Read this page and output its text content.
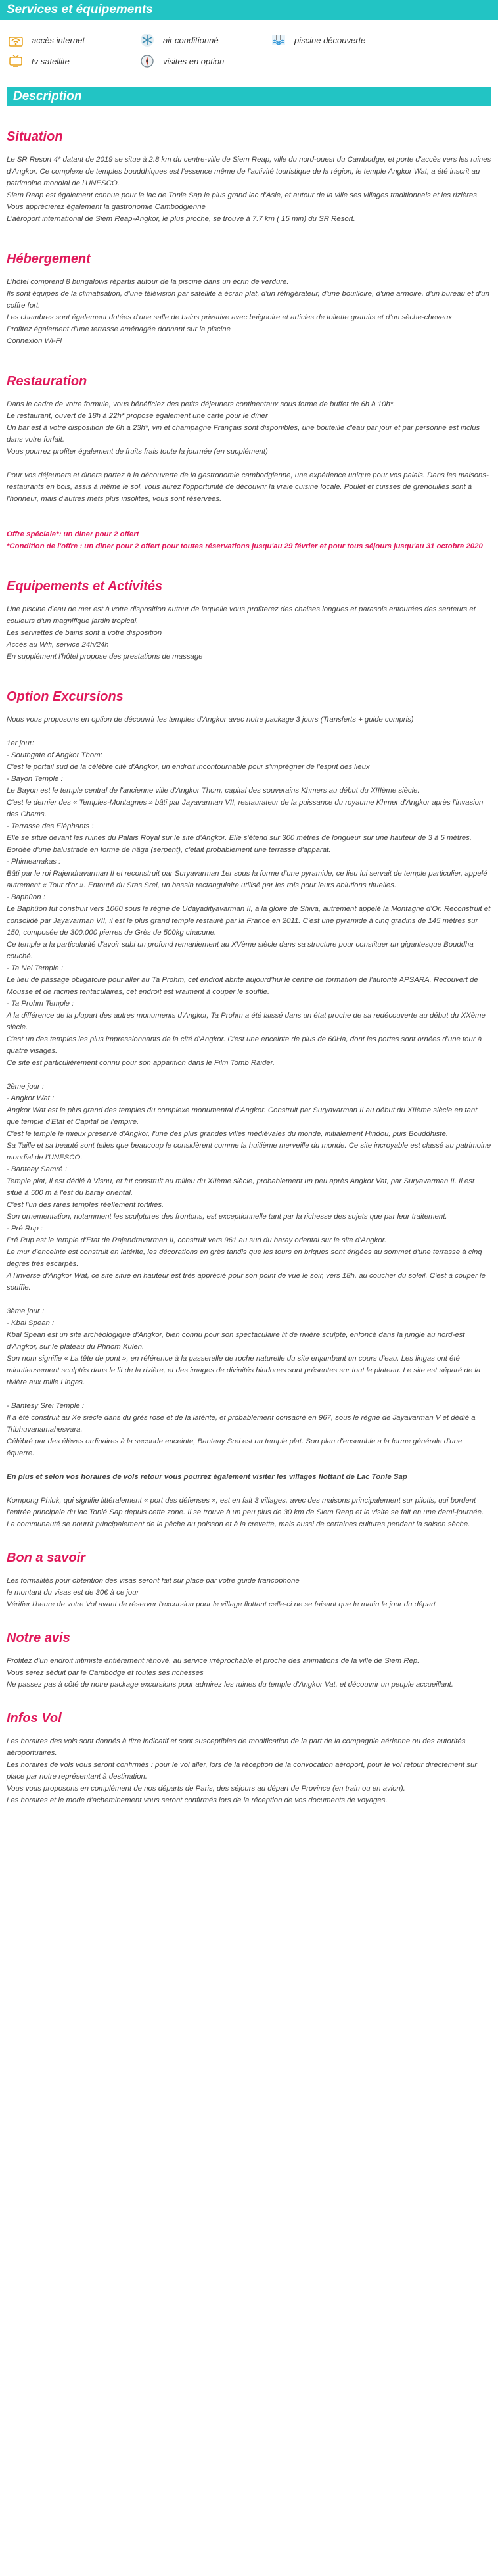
Services et équipements
accès internet	air conditionné	piscine découverte
tv satellite	visites en option
Description
Situation

Le SR Resort 4* datant de 2019 se situe à 2.8 km du centre-ville de Siem Reap, ville du nord-ouest du Cambodge, et porte d'accès vers les ruines d'Angkor. Ce complexe de temples bouddhiques est l'essence même de l'activité touristique de la région, le temple Angkor Wat, a été inscrit au patrimoine mondial de l'UNESCO.

Siem Reap est également connue pour le lac de Tonle Sap le plus grand lac d'Asie, et autour de la ville ses villages traditionnels et les rizières Vous apprécierez également la gastronomie Cambodgienne

L'aéroport international de Siem Reap-Angkor, le plus proche, se trouve à 7.7 km ( 15 min) du SR Resort.

Hébergement

L'hôtel comprend 8 bungalows répartis autour de la piscine dans un écrin de verdure.

Ils sont équipés de la climatisation, d'une télévision par satellite à écran plat, d'un réfrigérateur, d'une bouilloire, d'une armoire, d'un bureau et d'un coffre fort.

Les chambres sont également dotées d'une salle de bains privative avec baignoire et articles de toilette gratuits et d'un sèche-cheveux

Profitez également d'une terrasse aménagée donnant sur la piscine

Connexion Wi-Fi

Restauration

Dans le cadre de votre formule, vous bénéficiez des petits déjeuners continentaux sous forme de buffet de 6h à 10h*.

Le restaurant, ouvert de 18h à 22h* propose également une carte pour le dîner

Un bar est à votre disposition de 6h à 23h*, vin et champagne Français sont disponibles, une bouteille d'eau par jour et par personne est inclus dans votre forfait.

Vous pourrez profiter également de fruits frais toute la journée (en supplément)

Pour vos déjeuners et diners partez à la découverte de la gastronomie cambodgienne, une expérience unique pour vos palais. Dans les maisons-restaurants en bois, assis à même le sol, vous aurez l'opportunité de découvrir la vraie cuisine locale. Poulet et cuisses de grenouilles sont à l'honneur, mais d'autres mets plus insolites, vous sont réservées.

Offre spéciale*: un diner pour 2 offert

*Condition de l'offre : un diner pour 2 offert pour toutes réservations jusqu'au 29 février et pour tous séjours jusqu'au 31 octobre 2020

Equipements et Activités

Une piscine d'eau de mer est à votre disposition autour de laquelle vous profiterez des chaises longues et parasols entourées des senteurs et couleurs d'un magnifique jardin tropical.

Les serviettes de bains sont à votre disposition

Accès au Wifi, service 24h/24h

En supplément l'hôtel propose des prestations de massage

Option Excursions

Nous vous proposons en option de découvrir les temples d'Angkor avec notre package 3 jours (Transferts + guide compris)

1er jour:

- Southgate of Angkor Thom:

C'est le portail sud de la célèbre cité d'Angkor, un endroit incontournable pour s'imprégner de l'esprit des lieux

- Bayon Temple :

Le Bayon est le temple central de l'ancienne ville d'Angkor Thom, capital des souverains Khmers au début du XIIIème siècle.

C'est le dernier des « Temples-Montagnes » bâti par Jayavarman VII, restaurateur de la puissance du royaume Khmer d'Angkor après l'invasion des Chams.

- Terrasse des Eléphants :

Elle se situe devant les ruines du Palais Royal sur le site d'Angkor. Elle s'étend sur 300 mètres de longueur sur une hauteur de 3 à 5 mètres. Bordée d'une balustrade en forme de nâga (serpent), c'était probablement une terrasse d'apparat.

- Phimeanakas :

Bâti par le roi Rajendravarman II et reconstruit par Suryavarman 1er sous la forme d'une pyramide, ce lieu lui servait de temple particulier, appelé autrement « Tour d'or ». Entouré du Sras Srei, un bassin rectangulaire utilisé par les rois pour leurs ablutions rituelles.

- Baphûon :

Le Baphûon fut construit vers 1060 sous le règne de Udayadityavarman II, à la gloire de Shiva, autrement appelé la Montagne d'Or. Reconstruit et consolidé par Jayavarman VII, il est le plus grand temple restauré par la France en 2011. C'est une pyramide à cinq gradins de 145 mètres sur 150, composée de 300.000 pierres de Grès de 500kg chacune.

Ce temple a la particularité d'avoir subi un profond remaniement au XVème siècle dans sa structure pour constituer un gigantesque Bouddha couché.

- Ta Nei Temple :

Le lieu de passage obligatoire pour aller au Ta Prohm, cet endroit abrite aujourd'hui le centre de formation de l'autorité APSARA. Recouvert de Mousse et de racines tentaculaires, cet endroit est vraiment à couper le souffle.

- Ta Prohm Temple :

A la différence de la plupart des autres monuments d'Angkor, Ta Prohm a été laissé dans un état proche de sa redécouverte au début du XXème siècle.

C'est un des temples les plus impressionnants de la cité d'Angkor. C'est une enceinte de plus de 60Ha, dont les portes sont ornées d'une tour à quatre visages.

Ce site est particulièrement connu pour son apparition dans le Film Tomb Raider.

2ème jour :

- Angkor Wat :

Angkor Wat est le plus grand des temples du complexe monumental d'Angkor. Construit par Suryavarman II au début du XIIème siècle en tant que temple d'Etat et Capital de l'empire.

C'est le temple le mieux préservé d'Angkor, l'une des plus grandes villes médiévales du monde, initialement Hindou, puis Bouddhiste.

Sa Taille et sa beauté sont telles que beaucoup le considèrent comme la huitième merveille du monde. Ce site incroyable est classé au patrimoine mondial de l'UNESCO.

- Banteay Samré :

Temple plat, il est dédié à Visnu, et fut construit au milieu du XIIème siècle, probablement un peu après Angkor Vat, par Suryavarman II. Il est situé à 500 m à l'est du baray oriental.

C'est l'un des rares temples réellement fortifiés.

Son ornementation, notamment les sculptures des frontons, est exceptionnelle tant par la richesse des sujets que par leur traitement.

- Pré Rup :

Pré Rup est le temple d'Etat de Rajendravarman II, construit vers 961 au sud du baray oriental sur le site d'Angkor.

Le mur d'enceinte est construit en latérite, les décorations en grès tandis que les tours en briques sont érigées au sommet d'une terrasse à cinq degrés très escarpés.

A l'inverse d'Angkor Wat, ce site situé en hauteur est très apprécié pour son point de vue le soir, vers 18h, au coucher du soleil. C'est à couper le souffle.

3ème jour :

- Kbal Spean :

Kbal Spean est un site archéologique d'Angkor, bien connu pour son spectaculaire lit de rivière sculpté, enfoncé dans la jungle au nord-est d'Angkor, sur le plateau du Phnom Kulen.

Son nom signifie « La tête de pont », en référence à la passerelle de roche naturelle du site enjambant un cours d'eau. Les lingas ont été minutieusement sculptés dans le lit de la rivière, et des images de divinités hindoues sont présentes sur tout le plateau. Le site est séparé de la rivière aux mille Lingas.

- Bantesy Srei Temple :

Il a été construit au Xe siècle dans du grès rose et de la latérite, et probablement consacré en 967, sous le règne de Jayavarman V et dédié à Tribhuvanamahesvara.

Célébré par des élèves ordinaires à la seconde enceinte, Banteay Srei est un temple plat. Son plan d'ensemble a la forme générale d'une équerre.

En plus et selon vos horaires de vols retour vous pourrez également visiter les villages flottant de Lac Tonle Sap

Kompong Phluk, qui signifie littéralement « port des défenses », est en fait 3 villages, avec des maisons principalement sur pilotis, qui bordent l'entrée principale du lac Tonlé Sap depuis cette zone. Il se trouve à un peu plus de 30 km de Siem Reap et la visite se fait en une demi-journée. La communauté se nourrit principalement de la pêche au poisson et à la crevette, mais aussi de certaines cultures pendant la saison sèche.

Bon a savoir

Les formalités pour obtention des visas seront fait sur place par votre guide francophone

le montant du visas est de 30€ à ce jour

Vérifier l'heure de votre Vol avant de réserver l'excursion pour le village flottant celle-ci ne se faisant que le matin le jour du départ

Notre avis

Profitez d'un endroit intimiste entièrement rénové, au service irréprochable et proche des animations de la ville de Siem Rep.

Vous serez séduit par le Cambodge et toutes ses richesses

Ne passez pas à côté de notre package excursions pour admirez les ruines du temple d'Angkor Vat, et découvrir un peuple accueillant.

Infos Vol

Les horaires des vols sont donnés à titre indicatif et sont susceptibles de modification de la part de la compagnie aérienne ou des autorités aéroportuaires.

Les horaires de vols vous seront confirmés : pour le vol aller, lors de la réception de la convocation aéroport, pour le vol retour directement sur place par notre représentant à destination.

Vous vous proposons en complément de nos départs de Paris, des séjours au départ de Province (en train ou en avion).

Les horaires et le mode d'acheminement vous seront confirmés lors de la réception de vos documents de voyages.
